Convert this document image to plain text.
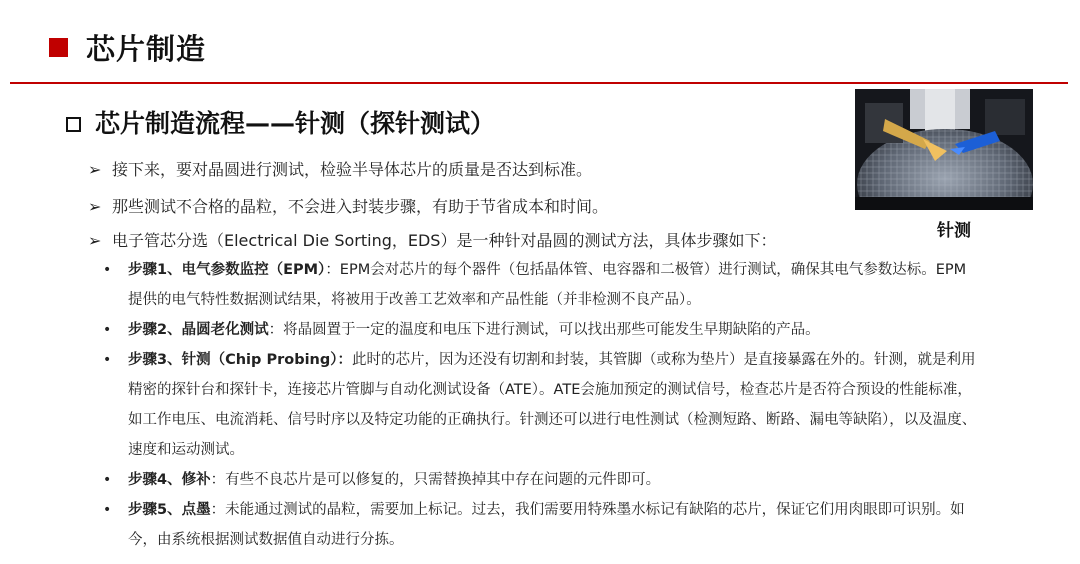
芯片制造
芯片制造流程——针测（探针测试）
➢ 接下来，要对晶圆进行测试，检验半导体芯片的质量是否达到标准。
➢ 那些测试不合格的晶粒，不会进入封装步骤，有助于节省成本和时间。
➢ 电子管芯分选（Electrical Die Sorting，EDS）是一种针对晶圆的测试方法，具体步骤如下：
• 步骤1、电气参数监控（EPM）：EPM会对芯片的每个器件（包括晶体管、电容器和二极管）进行测试，确保其电气参数达标。EPM提供的电气特性数据测试结果，将被用于改善工艺效率和产品性能（并非检测不良产品）。
• 步骤2、晶圆老化测试：将晶圆置于一定的温度和电压下进行测试，可以找出那些可能发生早期缺陷的产品。
• 步骤3、针测（Chip Probing）：此时的芯片，因为还没有切割和封装，其管脚（或称为垫片）是直接暴露在外的。针测，就是利用精密的探针台和探针卡，连接芯片管脚与自动化测试设备（ATE）。ATE会施加预定的测试信号，检查芯片是否符合预设的性能标准，如工作电压、电流消耗、信号时序以及特定功能的正确执行。针测还可以进行电性测试（检测短路、断路、漏电等缺陷），以及温度、速度和运动测试。
• 步骤4、修补：有些不良芯片是可以修复的，只需替换掉其中存在问题的元件即可。
• 步骤5、点墨：未能通过测试的晶粒，需要加上标记。过去，我们需要用特殊墨水标记有缺陷的芯片，保证它们用肉眼即可识别。如今，由系统根据测试数据值自动进行分拣。
针测
